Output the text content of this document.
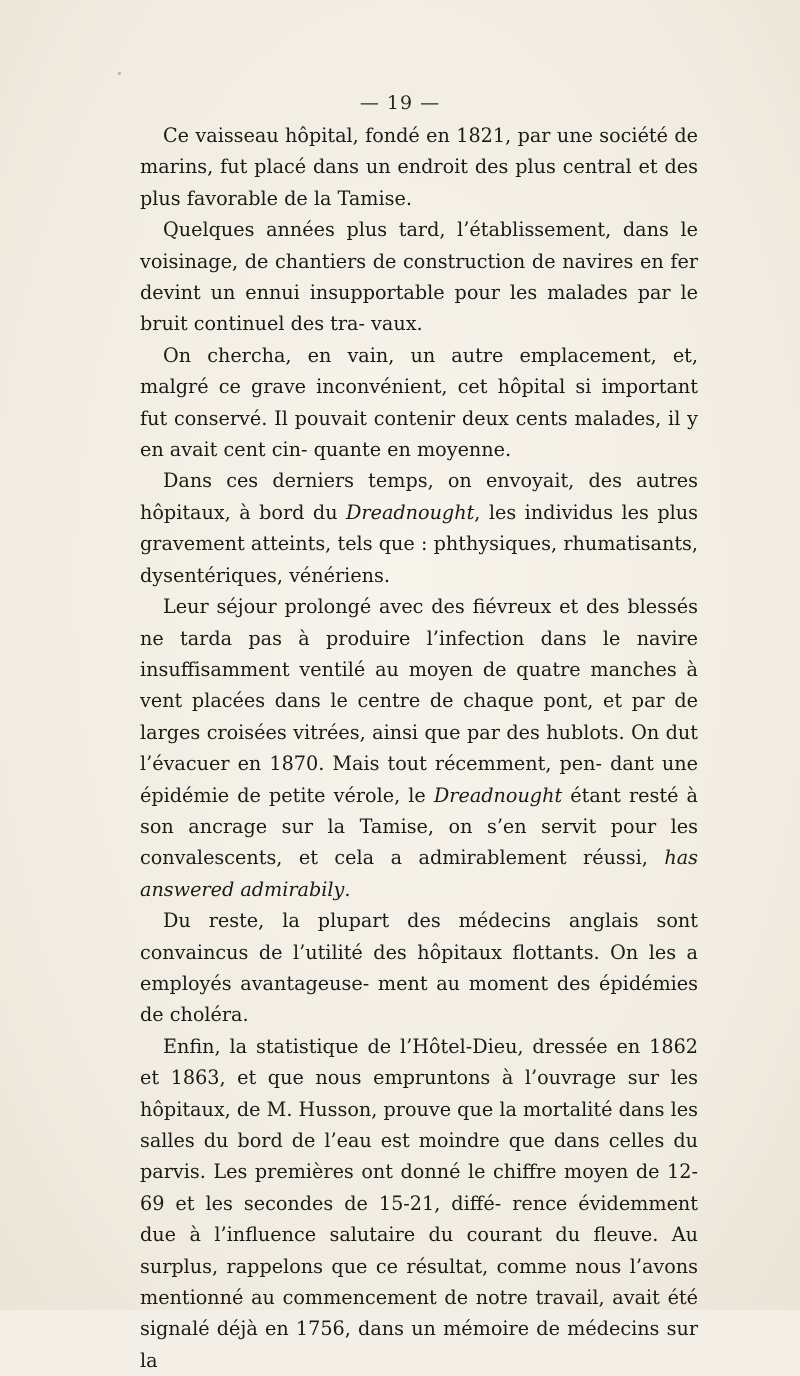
— 19 —

Ce vaisseau hôpital, fondé en 1821, par une société de marins, fut placé dans un endroit des plus central et des plus favorable de la Tamise.

Quelques années plus tard, l’établissement, dans le voisinage, de chantiers de construction de navires en fer devint un ennui insupportable pour les malades par le bruit continuel des tra- vaux.

On chercha, en vain, un autre emplacement, et, malgré ce grave inconvénient, cet hôpital si important fut conservé. Il pouvait contenir deux cents malades, il y en avait cent cin- quante en moyenne.

Dans ces derniers temps, on envoyait, des autres hôpitaux, à bord du Dreadnought, les individus les plus gravement atteints, tels que : phthysiques, rhumatisants, dysentériques, vénériens.

Leur séjour prolongé avec des fiévreux et des blessés ne tarda pas à produire l’infection dans le navire insuffisamment ventilé au moyen de quatre manches à vent placées dans le centre de chaque pont, et par de larges croisées vitrées, ainsi que par des hublots. On dut l’évacuer en 1870. Mais tout récemment, pen- dant une épidémie de petite vérole, le Dreadnought étant resté à son ancrage sur la Tamise, on s’en servit pour les convalescents, et cela a admirablement réussi, has answered admirabily.

Du reste, la plupart des médecins anglais sont convaincus de l’utilité des hôpitaux flottants. On les a employés avantageuse- ment au moment des épidémies de choléra.

Enfin, la statistique de l’Hôtel-Dieu, dressée en 1862 et 1863, et que nous empruntons à l’ouvrage sur les hôpitaux, de M. Husson, prouve que la mortalité dans les salles du bord de l’eau est moindre que dans celles du parvis. Les premières ont donné le chiffre moyen de 12-69 et les secondes de 15-21, diffé- rence évidemment due à l’influence salutaire du courant du fleuve. Au surplus, rappelons que ce résultat, comme nous l’avons mentionné au commencement de notre travail, avait été signalé déjà en 1756, dans un mémoire de médecins sur la
